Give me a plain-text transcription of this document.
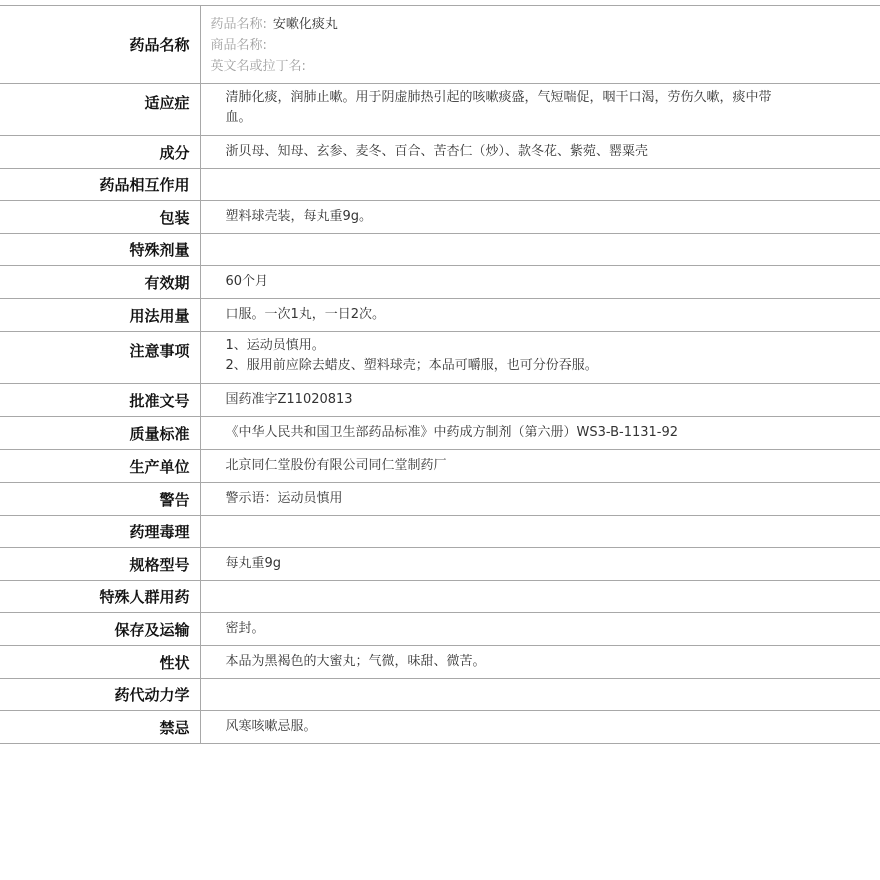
药品名称	药品名称: 安嗽化痰丸
商品名称:
英文名或拉丁名:

适应症	清肺化痰，润肺止嗽。用于阴虚肺热引起的咳嗽痰盛，气短喘促，咽干口渴，劳伤久嗽，痰中带血。
成分	浙贝母、知母、玄参、麦冬、百合、苦杏仁（炒）、款冬花、紫菀、罂粟壳
药品相互作用	
包装	塑料球壳装，每丸重9g。
特殊剂量	
有效期	60个月
用法用量	口服。一次1丸，一日2次。
注意事项	1、运动员慎用。
2、服用前应除去蜡皮、塑料球壳；本品可嚼服，也可分份吞服。

批准文号	国药准字Z11020813
质量标准	《中华人民共和国卫生部药品标准》中药成方制剂（第六册）WS3-B-1131-92
生产单位	北京同仁堂股份有限公司同仁堂制药厂
警告	警示语：运动员慎用
药理毒理	
规格型号	每丸重9g
特殊人群用药	
保存及运输	密封。
性状	本品为黑褐色的大蜜丸；气微，味甜、微苦。
药代动力学	
禁忌	风寒咳嗽忌服。
